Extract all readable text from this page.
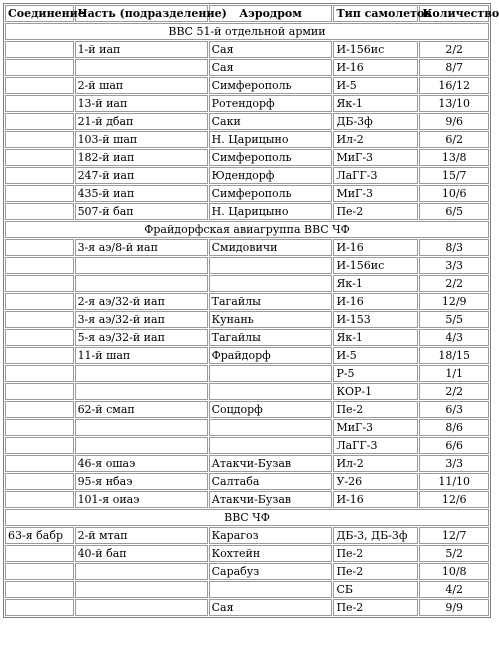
Соединение	Часть (подразделение)	Аэродром	Тип самолетов	Количество
ВВС 51-й отдельной армии				
	1-й иап	Сая	И-156ис	2/2
		Сая	И-16	8/7
	2-й шап	Симферополь	И-5	16/12
	13-й иап	Ротендорф	Як-1	13/10
	21-й дбап	Саки	ДБ-3ф	9/6
	103-й шап	Н. Царицыно	Ил-2	6/2
	182-й иап	Симферополь	МиГ-3	13/8
	247-й иап	Юдендорф	ЛаГГ-3	15/7
	435-й иап	Симферополь	МиГ-3	10/6
	507-й бап	Н. Царицыно	Пе-2	6/5
Фрайдорфская авиагруппа ВВС ЧФ				
	3-я аэ/8-й иап	Смидовичи	И-16	8/3
			И-156ис	3/3
			Як-1	2/2
	2-я аэ/32-й иап	Тагайлы	И-16	12/9
	3-я аэ/32-й иап	Кунань	И-153	5/5
	5-я аэ/32-й иап	Тагайлы	Як-1	4/3
	11-й шап	Фрайдорф	И-5	18/15
			Р-5	1/1
			КОР-1	2/2
	62-й смап	Соцдорф	Пе-2	6/3
			МиГ-3	8/6
			ЛаГГ-3	6/6
	46-я ошаэ	Атакчи-Бузав	Ил-2	3/3
	95-я нбаэ	Салтаба	У-26	11/10
	101-я оиаэ	Атакчи-Бузав	И-16	12/6
ВВС ЧФ				
63-я бабр	2-й мтап	Карагоз	ДБ-3, ДБ-3ф	12/7
	40-й бап	Кохтейн	Пе-2	5/2
		Сарабуз	Пе-2	10/8
			СБ	4/2
		Сая	Пе-2	9/9
